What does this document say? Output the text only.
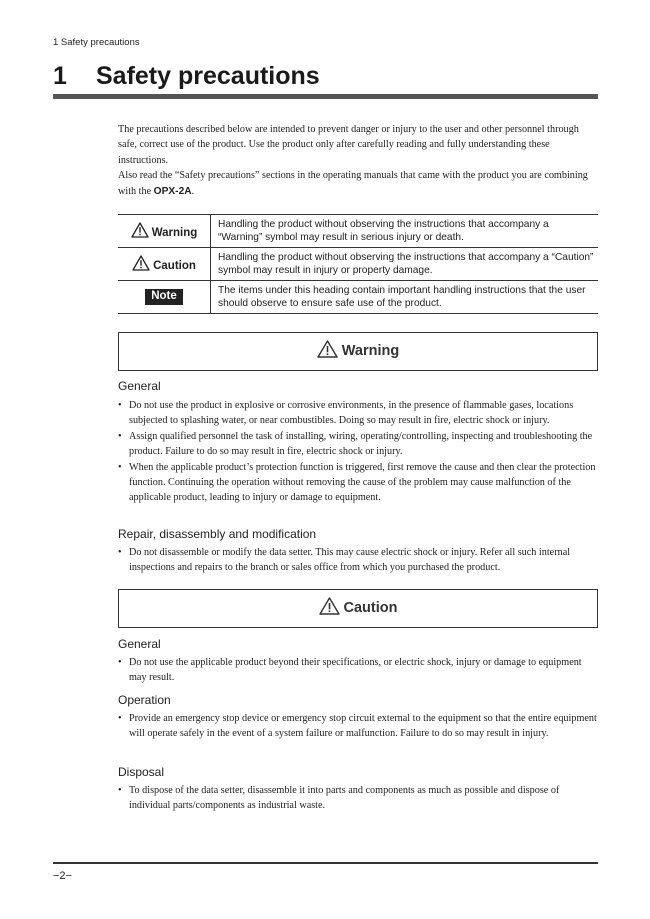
1 Safety precautions
1 Safety precautions

The precautions described below are intended to prevent danger or injury to the user and other personnel through safe, correct use of the product. Use the product only after carefully reading and fully understanding these instructions.

Also read the “Safety precautions” sections in the operating manuals that came with the product you are combining with the OPX-2A.

Warning	Handling the product without observing the instructions that accompany a “Warning” symbol may result in serious injury or death.
Caution	Handling the product without observing the instructions that accompany a “Caution” symbol may result in injury or property damage.
Note	The items under this heading contain important handling instructions that the user should observe to ensure safe use of the product.
Warning
General
• Do not use the product in explosive or corrosive environments, in the presence of flammable gases, locations subjected to splashing water, or near combustibles. Doing so may result in fire, electric shock or injury.
• Assign qualified personnel the task of installing, wiring, operating/controlling, inspecting and troubleshooting the product. Failure to do so may result in fire, electric shock or injury.
• When the applicable product’s protection function is triggered, first remove the cause and then clear the protection function. Continuing the operation without removing the cause of the problem may cause malfunction of the applicable product, leading to injury or damage to equipment.
Repair, disassembly and modification
• Do not disassemble or modify the data setter. This may cause electric shock or injury. Refer all such internal inspections and repairs to the branch or sales office from which you purchased the product.
Caution
General
• Do not use the applicable product beyond their specifications, or electric shock, injury or damage to equipment may result.
Operation
• Provide an emergency stop device or emergency stop circuit external to the equipment so that the entire equipment will operate safely in the event of a system failure or malfunction. Failure to do so may result in injury.
Disposal
• To dispose of the data setter, disassemble it into parts and components as much as possible and dispose of individual parts/components as industrial waste.
−2−
